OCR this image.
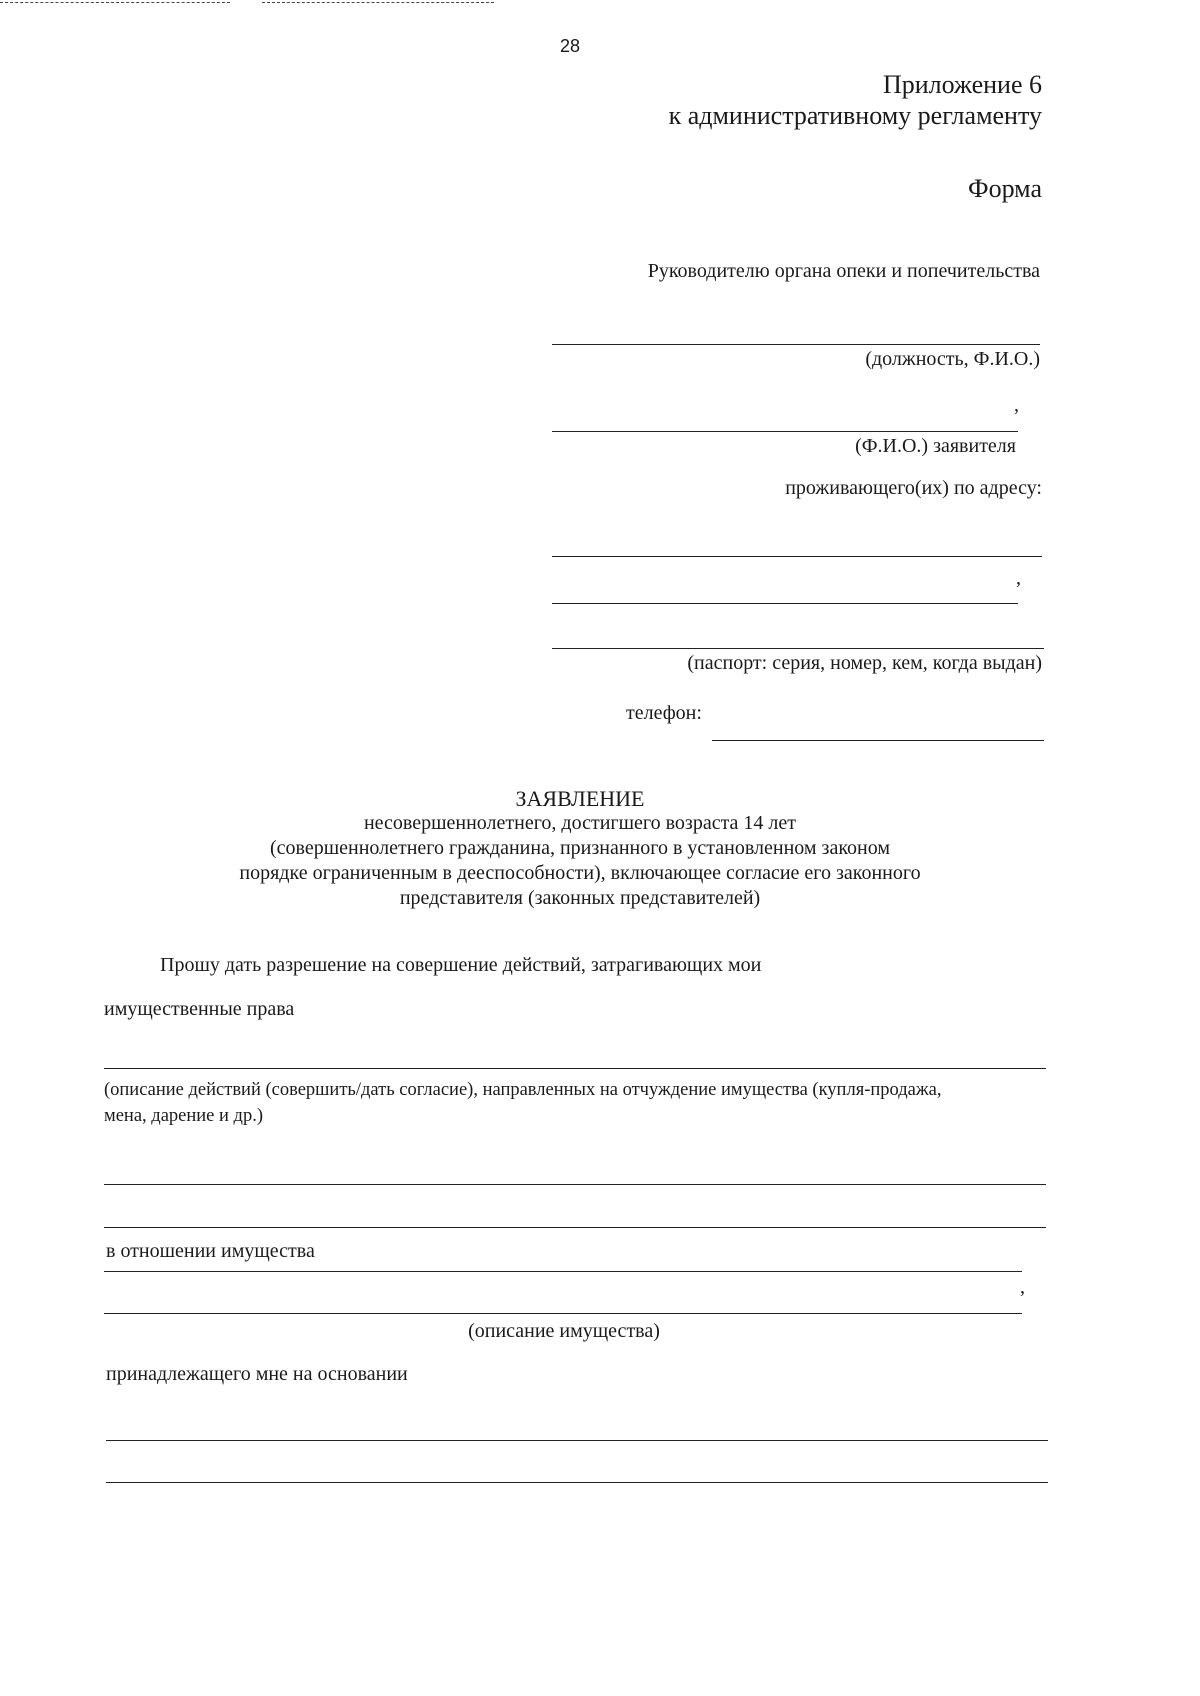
28
Приложение 6
к административному регламенту
Форма
Руководителю органа опеки и попечительства
(должность, Ф.И.О.)
,
(Ф.И.О.) заявителя
проживающего(их) по адресу:
,
(паспорт: серия, номер, кем, когда выдан)
телефон:
ЗАЯВЛЕНИЕ
несовершеннолетнего, достигшего возраста 14 лет
(совершеннолетнего гражданина, признанного в установленном законом
порядке ограниченным в дееспособности), включающее согласие его законного
представителя (законных представителей)
Прошу дать разрешение на совершение действий, затрагивающих мои
имущественные права
(описание действий (совершить/дать согласие), направленных на отчуждение имущества (купля-продажа,
мена, дарение и др.)
в отношении имущества
,
(описание имущества)
принадлежащего мне на основании
